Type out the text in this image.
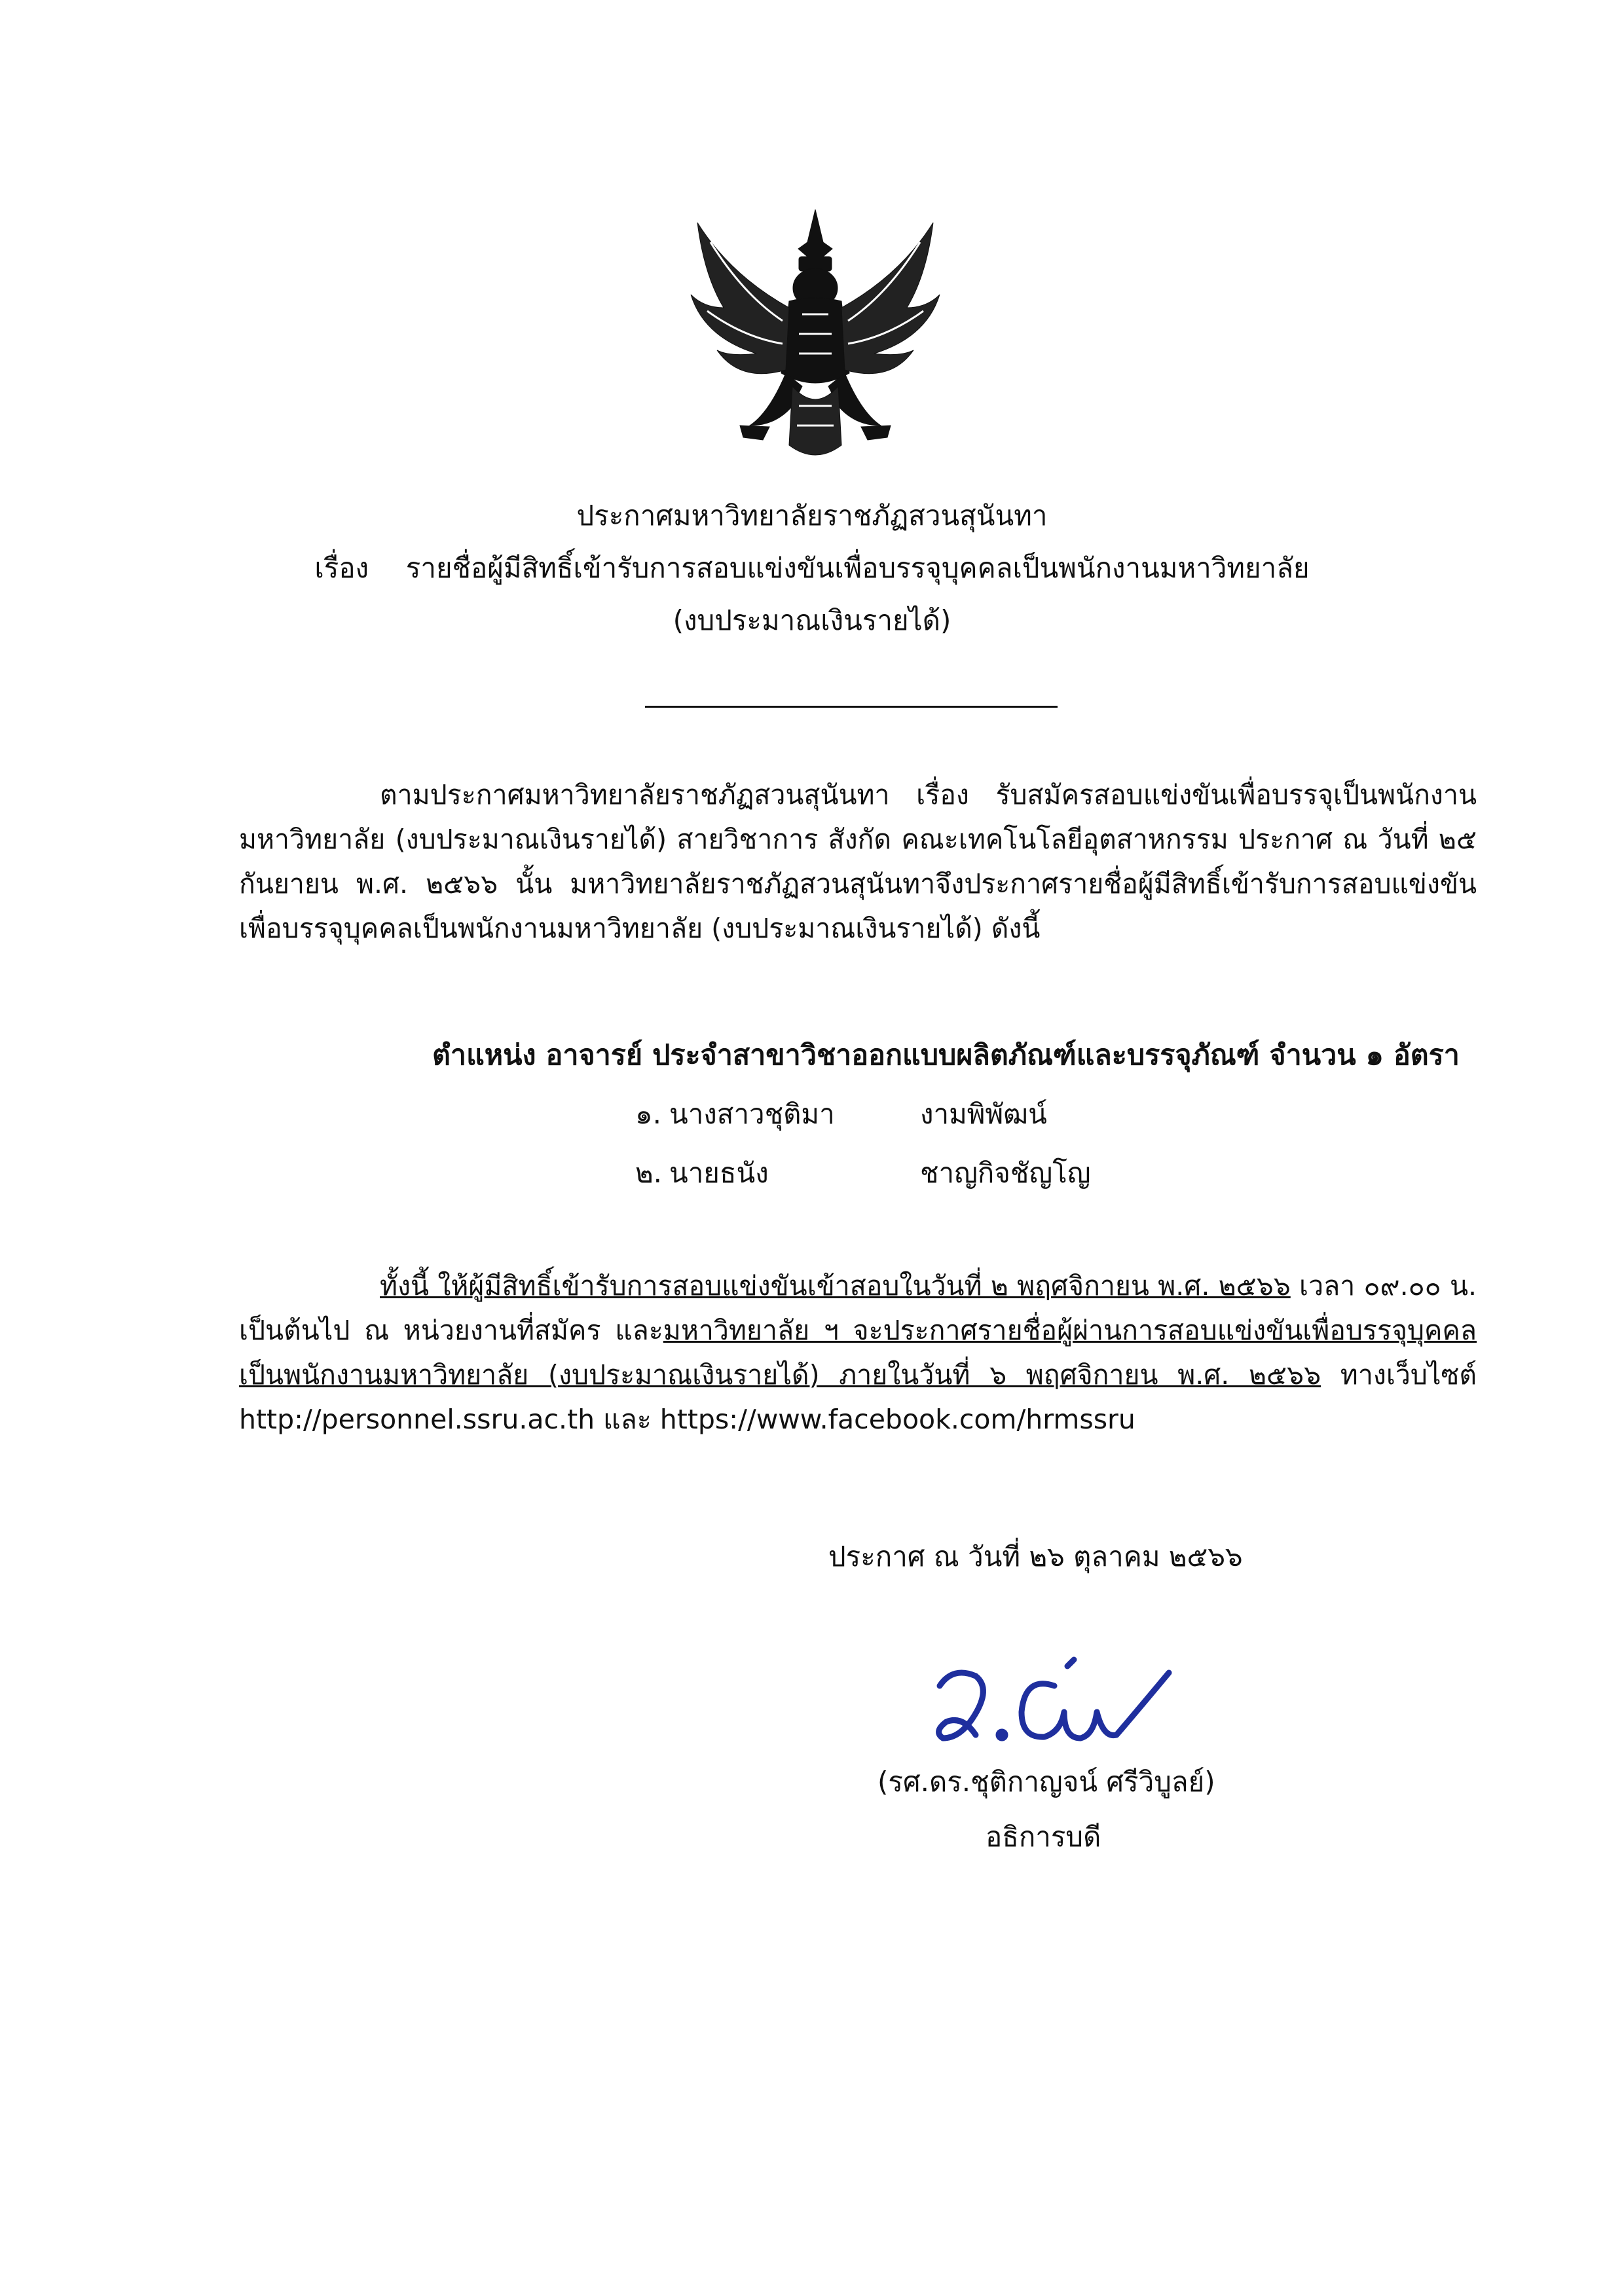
ประกาศมหาวิทยาลัยราชภัฏสวนสุนันทา
เรื่อง รายชื่อผู้มีสิทธิ์เข้ารับการสอบแข่งขันเพื่อบรรจุบุคคลเป็นพนักงานมหาวิทยาลัย
(งบประมาณเงินรายได้)

ตามประกาศมหาวิทยาลัยราชภัฏสวนสุนันทา เรื่อง รับสมัครสอบแข่งขันเพื่อบรรจุเป็นพนักงานมหาวิทยาลัย (งบประมาณเงินรายได้) สายวิชาการ สังกัด คณะเทคโนโลยีอุตสาหกรรม ประกาศ ณ วันที่ ๒๕ กันยายน พ.ศ. ๒๕๖๖ นั้น มหาวิทยาลัยราชภัฏสวนสุนันทาจึงประกาศรายชื่อผู้มีสิทธิ์เข้ารับการสอบแข่งขันเพื่อบรรจุบุคคลเป็นพนักงานมหาวิทยาลัย (งบประมาณเงินรายได้) ดังนี้

ตำแหน่ง อาจารย์ ประจำสาขาวิชาออกแบบผลิตภัณฑ์และบรรจุภัณฑ์ จำนวน ๑ อัตรา
๑. นางสาวชุติมา	งามพิพัฒน์
๒. นายธนัง	ชาญกิจชัญโญ

ทั้งนี้ ให้ผู้มีสิทธิ์เข้ารับการสอบแข่งขันเข้าสอบในวันที่ ๒ พฤศจิกายน พ.ศ. ๒๕๖๖ เวลา ๐๙.๐๐ น. เป็นต้นไป ณ หน่วยงานที่สมัคร และมหาวิทยาลัย ฯ จะประกาศรายชื่อผู้ผ่านการสอบแข่งขันเพื่อบรรจุบุคคลเป็นพนักงานมหาวิทยาลัย (งบประมาณเงินรายได้) ภายในวันที่ ๖ พฤศจิกายน พ.ศ. ๒๕๖๖ ทางเว็บไซต์ http://personnel.ssru.ac.th และ https://www.facebook.com/hrmssru

ประกาศ ณ วันที่ ๒๖ ตุลาคม ๒๕๖๖
(รศ.ดร.ชุติกาญจน์ ศรีวิบูลย์)
อธิการบดี
